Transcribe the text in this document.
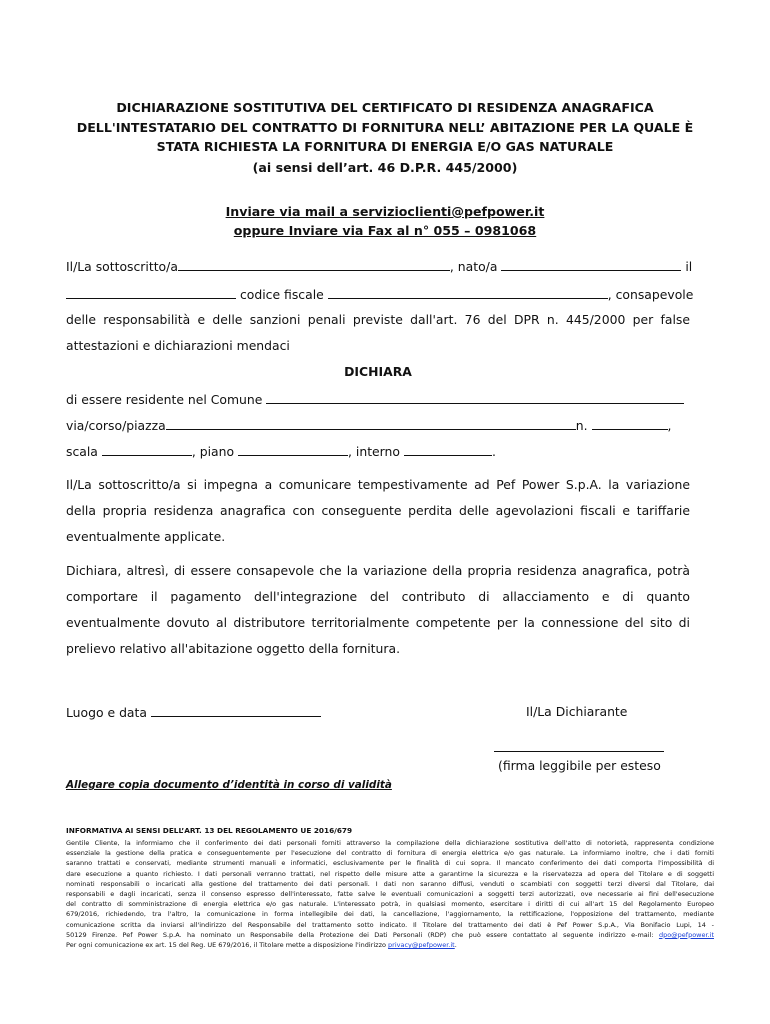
DICHIARAZIONE SOSTITUTIVA DEL CERTIFICATO DI RESIDENZA ANAGRAFICA
DELL'INTESTATARIO DEL CONTRATTO DI FORNITURA NELL’ ABITAZIONE PER LA QUALE È
STATA RICHIESTA LA FORNITURA DI ENERGIA E/O GAS NATURALE
(ai sensi dell’art. 46 D.P.R. 445/2000)
Inviare via mail a servizioclienti@pefpower.it
oppure Inviare via Fax al n° 055 – 0981068
Il/La sottoscritto/a	, nato/a	il
codice fiscale	, consapevole
delle responsabilità e delle sanzioni penali previste dall'art. 76 del DPR n. 445/2000 per false
attestazioni e dichiarazioni mendaci
DICHIARA
di essere residente nel Comune
via/corso/piazza	n.	,
scala	, piano	, interno	.
Il/La sottoscritto/a si impegna a comunicare tempestivamente ad Pef Power S.p.A. la variazione
della propria residenza anagrafica con conseguente perdita delle agevolazioni fiscali e tariffarie
eventualmente applicate.
Dichiara, altresì, di essere consapevole che la variazione della propria residenza anagrafica, potrà
comportare il pagamento dell'integrazione del contributo di allacciamento e di quanto
eventualmente dovuto al distributore territorialmente competente per la connessione del sito di
prelievo relativo all'abitazione oggetto della fornitura.
Luogo e data	Il/La Dichiarante
(firma leggibile per esteso
Allegare copia documento d’identità in corso di validità
INFORMATIVA AI SENSI DELL’ART. 13 DEL REGOLAMENTO UE 2016/679
Gentile Cliente, la informiamo che il conferimento dei dati personali forniti attraverso la compilazione della dichiarazione sostitutiva dell'atto di notorietà, rappresenta condizione
essenziale la gestione della pratica e conseguentemente per l'esecuzione del contratto di fornitura di energia elettrica e/o gas naturale. La informiamo inoltre, che i dati forniti
saranno trattati e conservati, mediante strumenti manuali e informatici, esclusivamente per le finalità di cui sopra. Il mancato conferimento dei dati comporta l'impossibilità di
dare esecuzione a quanto richiesto. I dati personali verranno trattati, nel rispetto delle misure atte a garantirne la sicurezza e la riservatezza ad opera del Titolare e di soggetti
nominati responsabili o incaricati alla gestione del trattamento dei dati personali. I dati non saranno diffusi, venduti o scambiati con soggetti terzi diversi dal Titolare, dai
responsabili e dagli incaricati, senza il consenso espresso dell'interessato, fatte salve le eventuali comunicazioni a soggetti terzi autorizzati, ove necessarie ai fini dell'esecuzione
del contratto di somministrazione di energia elettrica e/o gas naturale. L'interessato potrà, in qualsiasi momento, esercitare i diritti di cui all'art 15 del Regolamento Europeo
679/2016, richiedendo, tra l'altro, la comunicazione in forma intellegibile dei dati, la cancellazione, l'aggiornamento, la rettificazione, l'opposizione del trattamento, mediante
comunicazione scritta da inviarsi all'indirizzo del Responsabile del trattamento sotto indicato. Il Titolare del trattamento dei dati è Pef Power S.p.A., Via Bonifacio Lupi, 14 -
50129 Firenze. Pef Power S.p.A. ha nominato un Responsabile della Protezione dei Dati Personali (RDP) che può essere contattato al seguente indirizzo e-mail: dpo@pefpower.it
Per ogni comunicazione ex art. 15 del Reg. UE 679/2016, il Titolare mette a disposizione l'indirizzo privacy@pefpower.it.
